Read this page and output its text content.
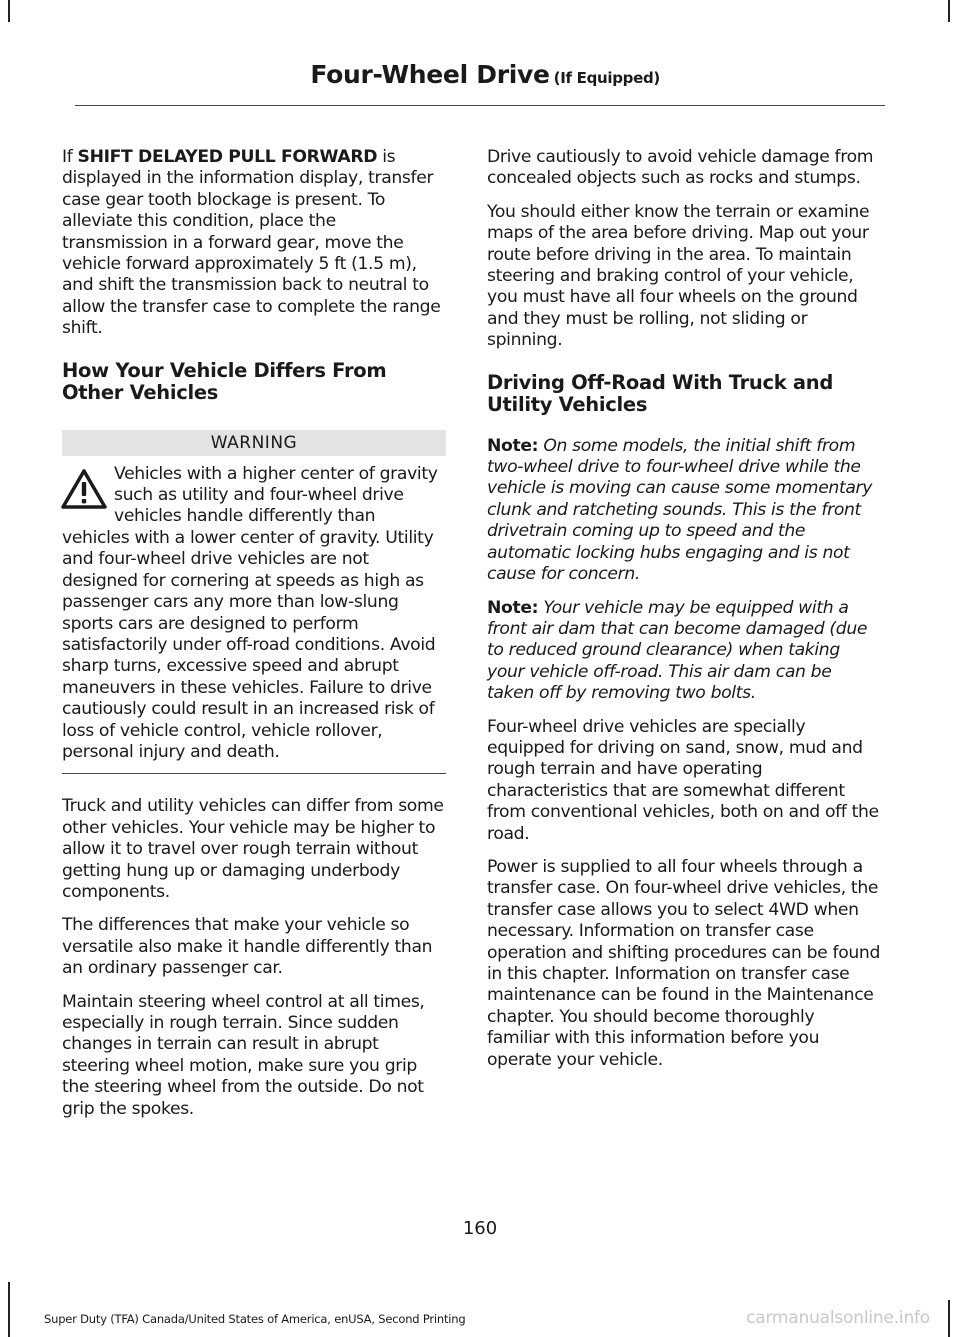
Four-Wheel Drive (If Equipped)

If SHIFT DELAYED PULL FORWARD is displayed in the information display, transfer case gear tooth blockage is present. To alleviate this condition, place the transmission in a forward gear, move the vehicle forward approximately 5 ft (1.5 m), and shift the transmission back to neutral to allow the transfer case to complete the range shift.

How Your Vehicle Differs From Other Vehicles
WARNING
Vehicles with a higher center of gravity such as utility and four-wheel drive vehicles handle differently than vehicles with a lower center of gravity. Utility and four-wheel drive vehicles are not designed for cornering at speeds as high as passenger cars any more than low-slung sports cars are designed to perform satisfactorily under off-road conditions. Avoid sharp turns, excessive speed and abrupt maneuvers in these vehicles. Failure to drive cautiously could result in an increased risk of loss of vehicle control, vehicle rollover, personal injury and death.

Truck and utility vehicles can differ from some other vehicles. Your vehicle may be higher to allow it to travel over rough terrain without getting hung up or damaging underbody components.

The differences that make your vehicle so versatile also make it handle differently than an ordinary passenger car.

Maintain steering wheel control at all times, especially in rough terrain. Since sudden changes in terrain can result in abrupt steering wheel motion, make sure you grip the steering wheel from the outside. Do not grip the spokes.

Drive cautiously to avoid vehicle damage from concealed objects such as rocks and stumps.

You should either know the terrain or examine maps of the area before driving. Map out your route before driving in the area. To maintain steering and braking control of your vehicle, you must have all four wheels on the ground and they must be rolling, not sliding or spinning.

Driving Off-Road With Truck and Utility Vehicles

Note: On some models, the initial shift from two-wheel drive to four-wheel drive while the vehicle is moving can cause some momentary clunk and ratcheting sounds. This is the front drivetrain coming up to speed and the automatic locking hubs engaging and is not cause for concern.

Note: Your vehicle may be equipped with a front air dam that can become damaged (due to reduced ground clearance) when taking your vehicle off-road. This air dam can be taken off by removing two bolts.

Four-wheel drive vehicles are specially equipped for driving on sand, snow, mud and rough terrain and have operating characteristics that are somewhat different from conventional vehicles, both on and off the road.

Power is supplied to all four wheels through a transfer case. On four-wheel drive vehicles, the transfer case allows you to select 4WD when necessary. Information on transfer case operation and shifting procedures can be found in this chapter. Information on transfer case maintenance can be found in the Maintenance chapter. You should become thoroughly familiar with this information before you operate your vehicle.

160
Super Duty (TFA) Canada/United States of America, enUSA, Second Printing	carmanualsonline.info
